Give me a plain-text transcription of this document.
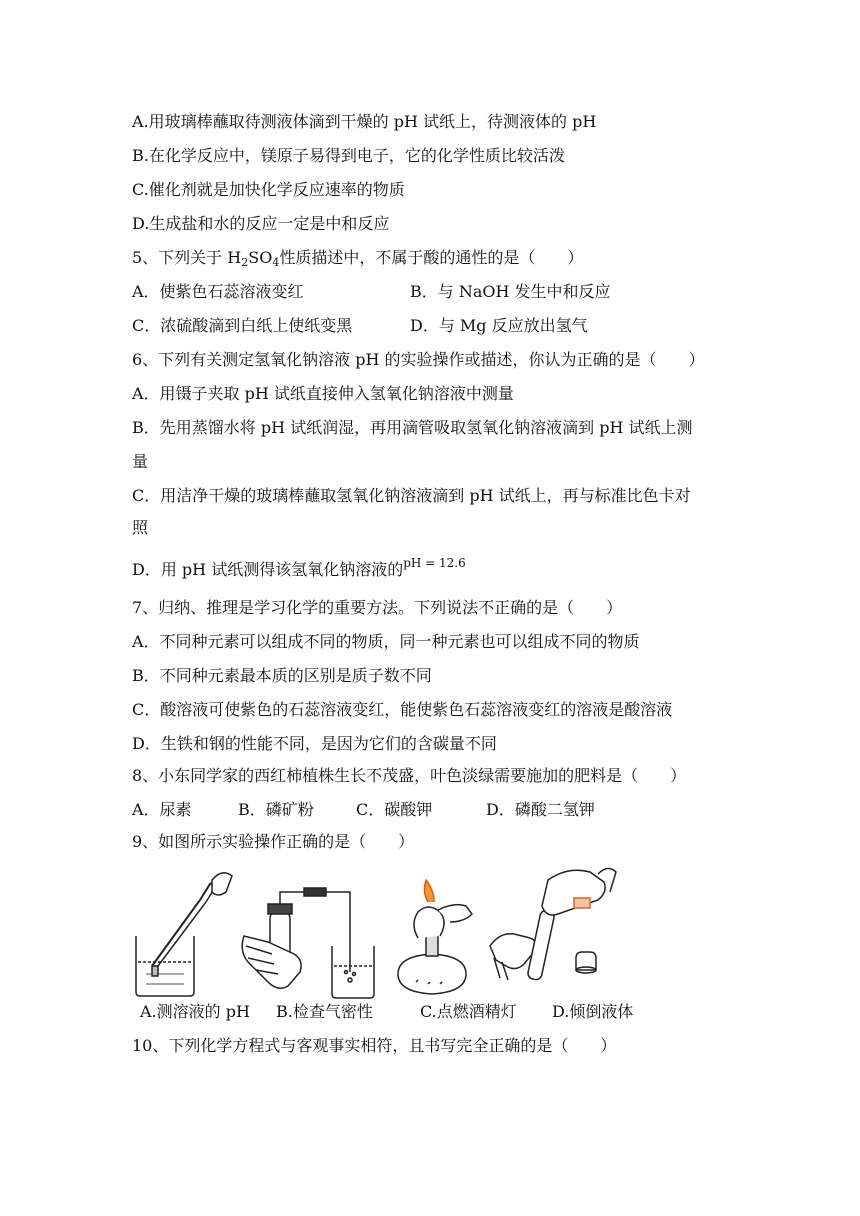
A.用玻璃棒蘸取待测液体滴到干燥的 pH 试纸上，待测液体的 pH
B.在化学反应中，镁原子易得到电子，它的化学性质比较活泼
C.催化剂就是加快化学反应速率的物质
D.生成盐和水的反应一定是中和反应
5、下列关于 $H_2SO_4$性质描述中，不属于酸的通性的是（　　）
A．使紫色石蕊溶液变红	B．与 NaOH 发生中和反应
C．浓硫酸滴到白纸上使纸变黑	D．与 Mg 反应放出氢气
6、下列有关测定氢氧化钠溶液 pH 的实验操作或描述，你认为正确的是（　　）
A．用镊子夹取 pH 试纸直接伸入氢氧化钠溶液中测量
B．先用蒸馏水将 pH 试纸润湿，再用滴管吸取氢氧化钠溶液滴到 pH 试纸上测
量
C．用洁净干燥的玻璃棒蘸取氢氧化钠溶液滴到 pH 试纸上，再与标准比色卡对
照
D．用 pH 试纸测得该氢氧化钠溶液的$^{pH = 12.6}$
7、归纳、推理是学习化学的重要方法。下列说法不正确的是（　　）
A．不同种元素可以组成不同的物质，同一种元素也可以组成不同的物质
B．不同种元素最本质的区别是质子数不同
C．酸溶液可使紫色的石蕊溶液变红，能使紫色石蕊溶液变红的溶液是酸溶液
D．生铁和钢的性能不同，是因为它们的含碳量不同
8、小东同学家的西红柿植株生长不茂盛，叶色淡绿需要施加的肥料是（　　）
A．尿素	B．磷矿粉	C．碳酸钾	D．磷酸二氢钾
9、如图所示实验操作正确的是（　　）
A.测溶液的 pH B.检查气密性	C.点燃酒精灯 D.倾倒液体
10、下列化学方程式与客观事实相符，且书写完全正确的是（　　）
